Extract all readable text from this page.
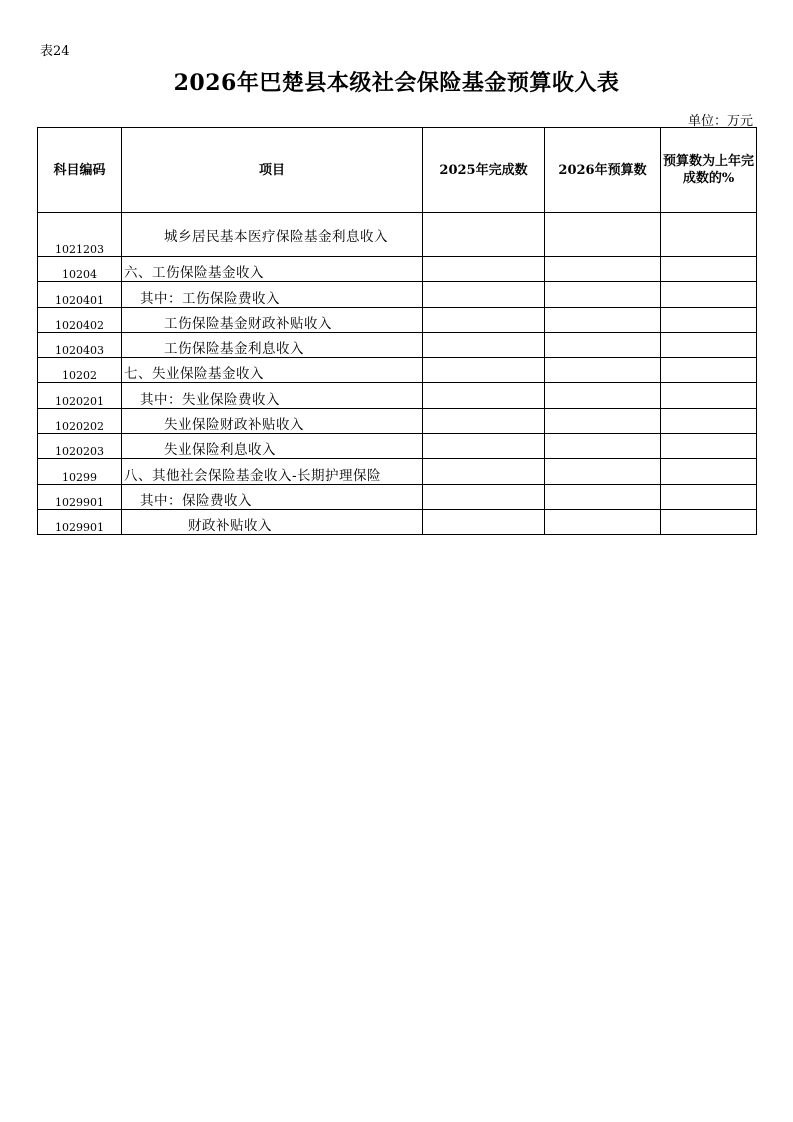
表24
2026年巴楚县本级社会保险基金预算收入表
单位：万元
科目编码	项目	2025年完成数	2026年预算数	预算数为上年完成数的%
1021203	城乡居民基本医疗保险基金利息收入			
10204	六、工伤保险基金收入			
1020401	其中：工伤保险费收入			
1020402	工伤保险基金财政补贴收入			
1020403	工伤保险基金利息收入			
10202	七、失业保险基金收入			
1020201	其中：失业保险费收入			
1020202	失业保险财政补贴收入			
1020203	失业保险利息收入			
10299	八、其他社会保险基金收入-长期护理保险			
1029901	其中：保险费收入			
1029901	财政补贴收入			
